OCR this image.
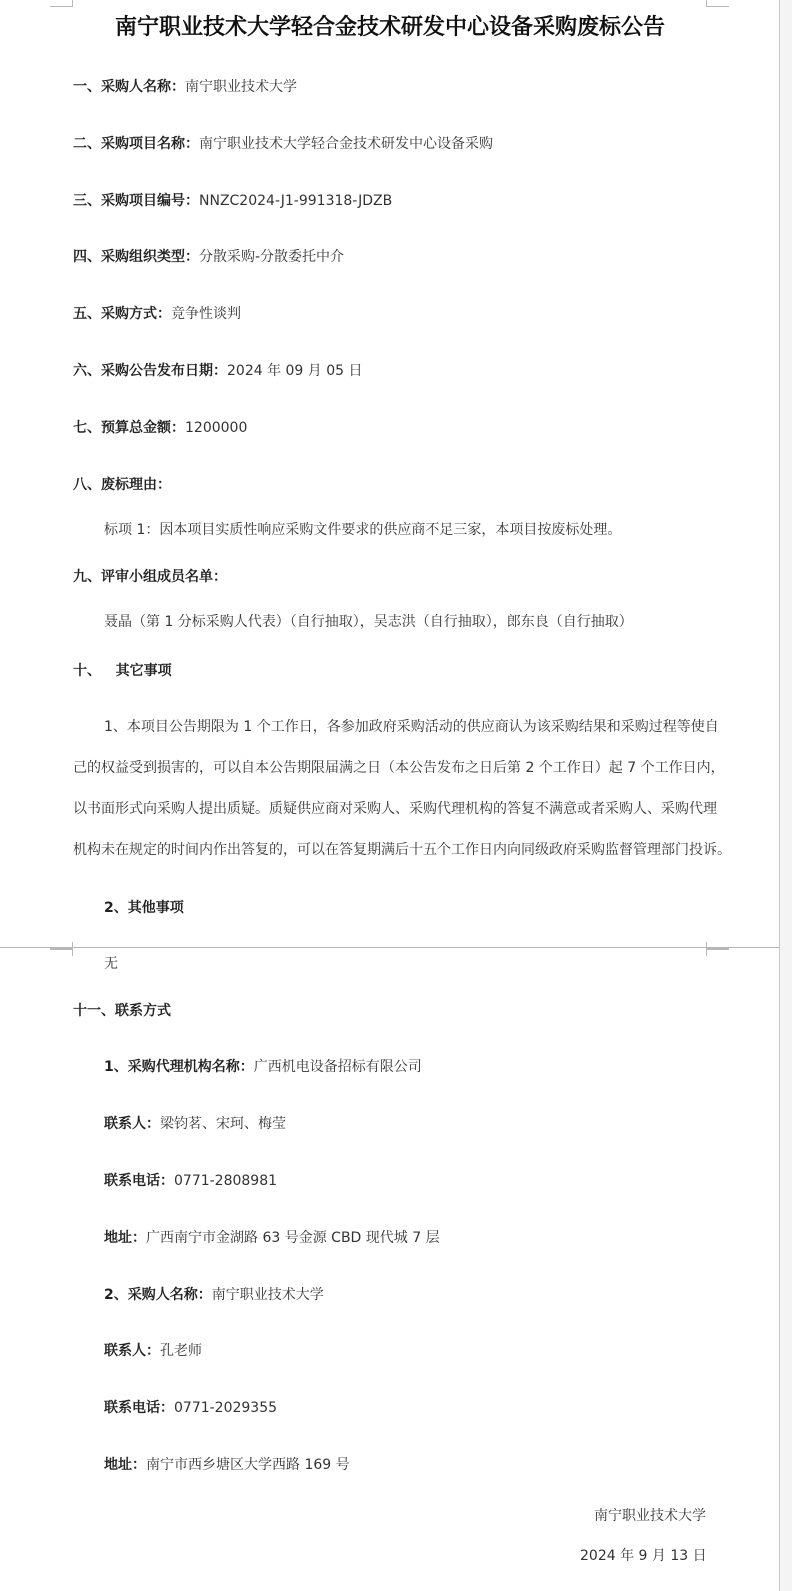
南宁职业技术大学轻合金技术研发中心设备采购废标公告
一、采购人名称：南宁职业技术大学
二、采购项目名称：南宁职业技术大学轻合金技术研发中心设备采购
三、采购项目编号：NNZC2024-J1-991318-JDZB
四、采购组织类型：分散采购-分散委托中介
五、采购方式：竞争性谈判
六、采购公告发布日期：2024 年 09 月 05 日
七、预算总金额：1200000
八、废标理由：
标项 1：因本项目实质性响应采购文件要求的供应商不足三家，本项目按废标处理。
九、评审小组成员名单：
聂晶（第 1 分标采购人代表）（自行抽取），吴志洪（自行抽取），郎东良（自行抽取）
十、   其它事项
1、本项目公告期限为 1 个工作日，各参加政府采购活动的供应商认为该采购结果和采购过程等使自
己的权益受到损害的，可以自本公告期限届满之日（本公告发布之日后第 2 个工作日）起 7 个工作日内，
以书面形式向采购人提出质疑。质疑供应商对采购人、采购代理机构的答复不满意或者采购人、采购代理
机构未在规定的时间内作出答复的，可以在答复期满后十五个工作日内向同级政府采购监督管理部门投诉。
2、其他事项
无
十一、联系方式
1、采购代理机构名称：广西机电设备招标有限公司
联系人：梁钧茗、宋珂、梅莹
联系电话：0771-2808981
地址：广西南宁市金湖路 63 号金源 CBD 现代城 7 层
2、采购人名称：南宁职业技术大学
联系人：孔老师
联系电话：0771-2029355
地址：南宁市西乡塘区大学西路 169 号
南宁职业技术大学
2024 年 9 月 13 日
